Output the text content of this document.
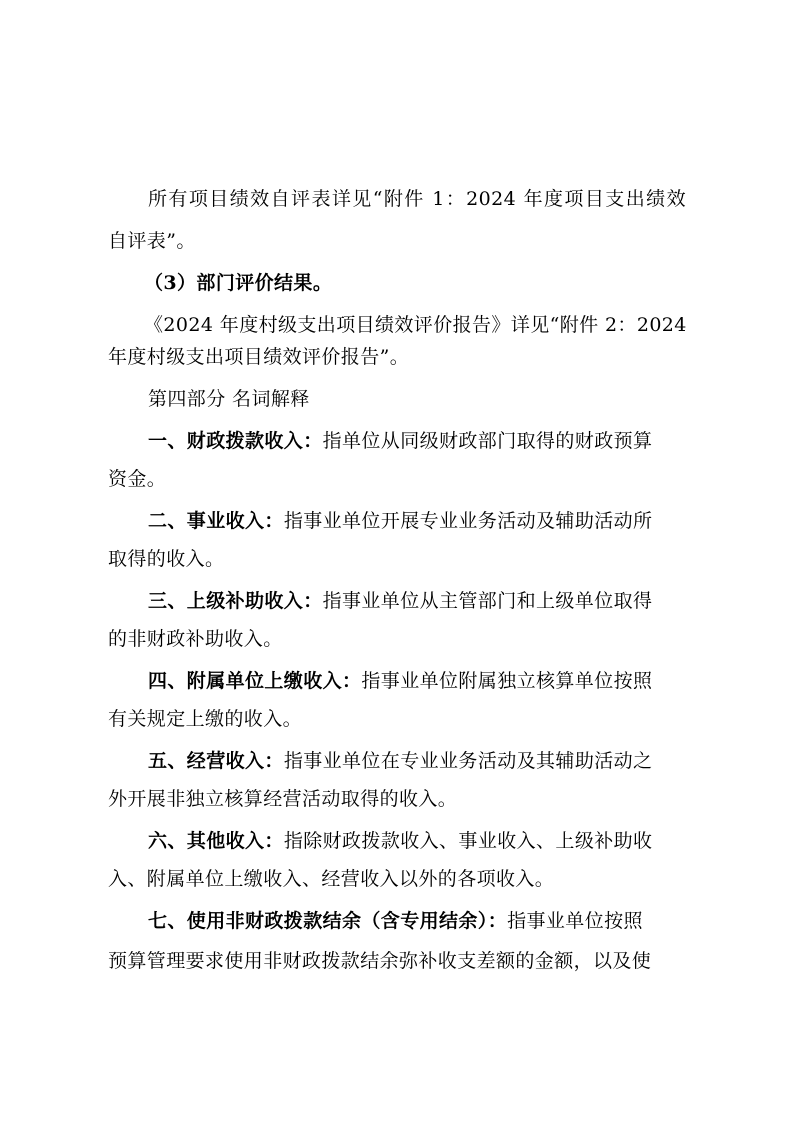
所有项目绩效自评表详见“附件 1：2024 年度项目支出绩效
自评表”。
（3）部门评价结果。
《2024 年度村级支出项目绩效评价报告》详见“附件 2：2024
年度村级支出项目绩效评价报告”。
第四部分 名词解释
一、财政拨款收入：指单位从同级财政部门取得的财政预算
资金。
二、事业收入：指事业单位开展专业业务活动及辅助活动所
取得的收入。
三、上级补助收入：指事业单位从主管部门和上级单位取得
的非财政补助收入。
四、附属单位上缴收入：指事业单位附属独立核算单位按照
有关规定上缴的收入。
五、经营收入：指事业单位在专业业务活动及其辅助活动之
外开展非独立核算经营活动取得的收入。
六、其他收入：指除财政拨款收入、事业收入、上级补助收
入、附属单位上缴收入、经营收入以外的各项收入。
七、使用非财政拨款结余（含专用结余）：指事业单位按照
预算管理要求使用非财政拨款结余弥补收支差额的金额，以及使
